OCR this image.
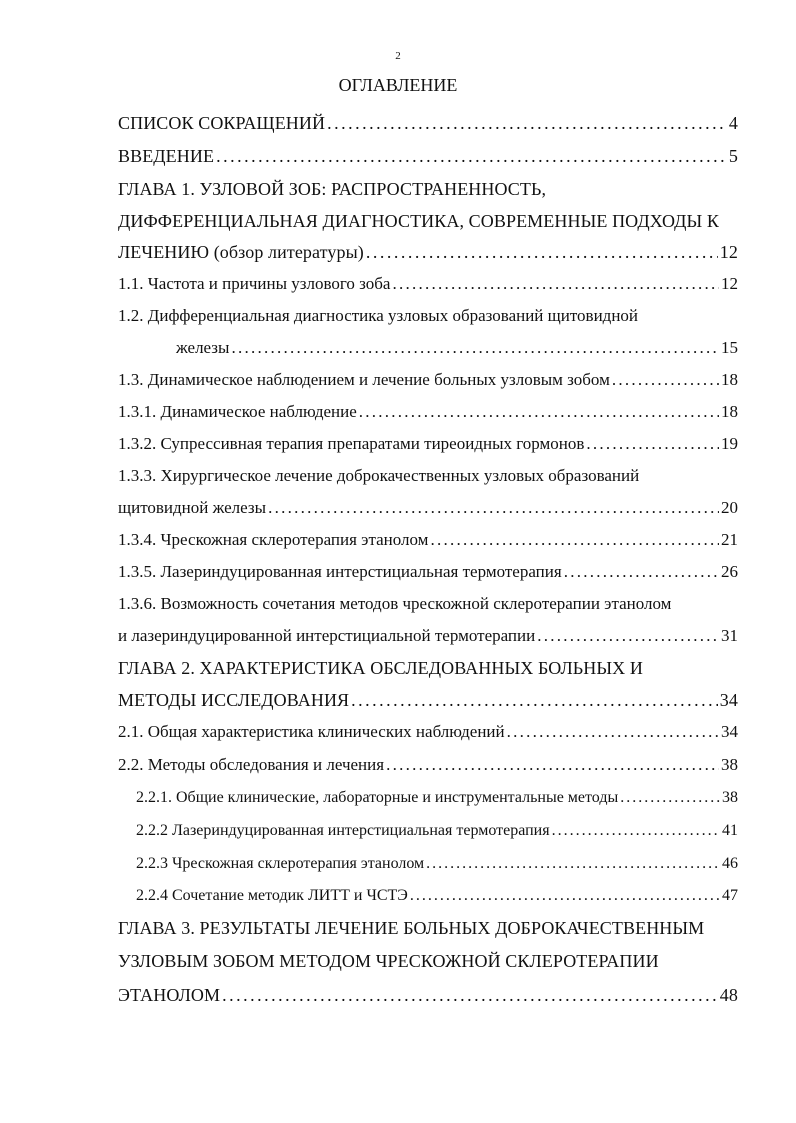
2
ОГЛАВЛЕНИЕ
СПИСОК СОКРАЩЕНИЙ . . .	4
ВВЕДЕНИЕ . . .	5
ГЛАВА 1. УЗЛОВОЙ ЗОБ: РАСПРОСТРАНЕННОСТЬ,
ДИФФЕРЕНЦИАЛЬНАЯ ДИАГНОСТИКА, СОВРЕМЕННЫЕ ПОДХОДЫ К
ЛЕЧЕНИЮ (обзор литературы) . . .	12
1.1. Частота и причины узлового зоба . . .	12
1.2. Дифференциальная диагностика узловых образований щитовидной
железы . . .	15
1.3. Динамическое наблюдением и лечение больных узловым зобом . . .	18
1.3.1. Динамическое наблюдение . . .	18
1.3.2. Супрессивная терапия препаратами тиреоидных гормонов . . .	19
1.3.3. Хирургическое лечение доброкачественных узловых образований
щитовидной железы . . .	20
1.3.4. Чрескожная склеротерапия этанолом . . .	21
1.3.5. Лазериндуцированная интерстициальная термотерапия . . .	26
1.3.6. Возможность сочетания методов чрескожной склеротерапии этанолом
и лазериндуцированной интерстициальной термотерапии . . .	31
ГЛАВА 2. ХАРАКТЕРИСТИКА ОБСЛЕДОВАННЫХ БОЛЬНЫХ И
МЕТОДЫ ИССЛЕДОВАНИЯ . . .	34
2.1. Общая характеристика клинических наблюдений . . .	34
2.2. Методы обследования и лечения . . .	38
2.2.1. Общие клинические, лабораторные и инструментальные методы . . .	38
2.2.2 Лазериндуцированная интерстициальная термотерапия . . .	41
2.2.3 Чрескожная склеротерапия этанолом . . .	46
2.2.4 Сочетание методик ЛИТТ и ЧСТЭ . . .	47
ГЛАВА 3. РЕЗУЛЬТАТЫ ЛЕЧЕНИЕ БОЛЬНЫХ ДОБРОКАЧЕСТВЕННЫМ
УЗЛОВЫМ ЗОБОМ МЕТОДОМ ЧРЕСКОЖНОЙ СКЛЕРОТЕРАПИИ
ЭТАНОЛОМ . . .	48
